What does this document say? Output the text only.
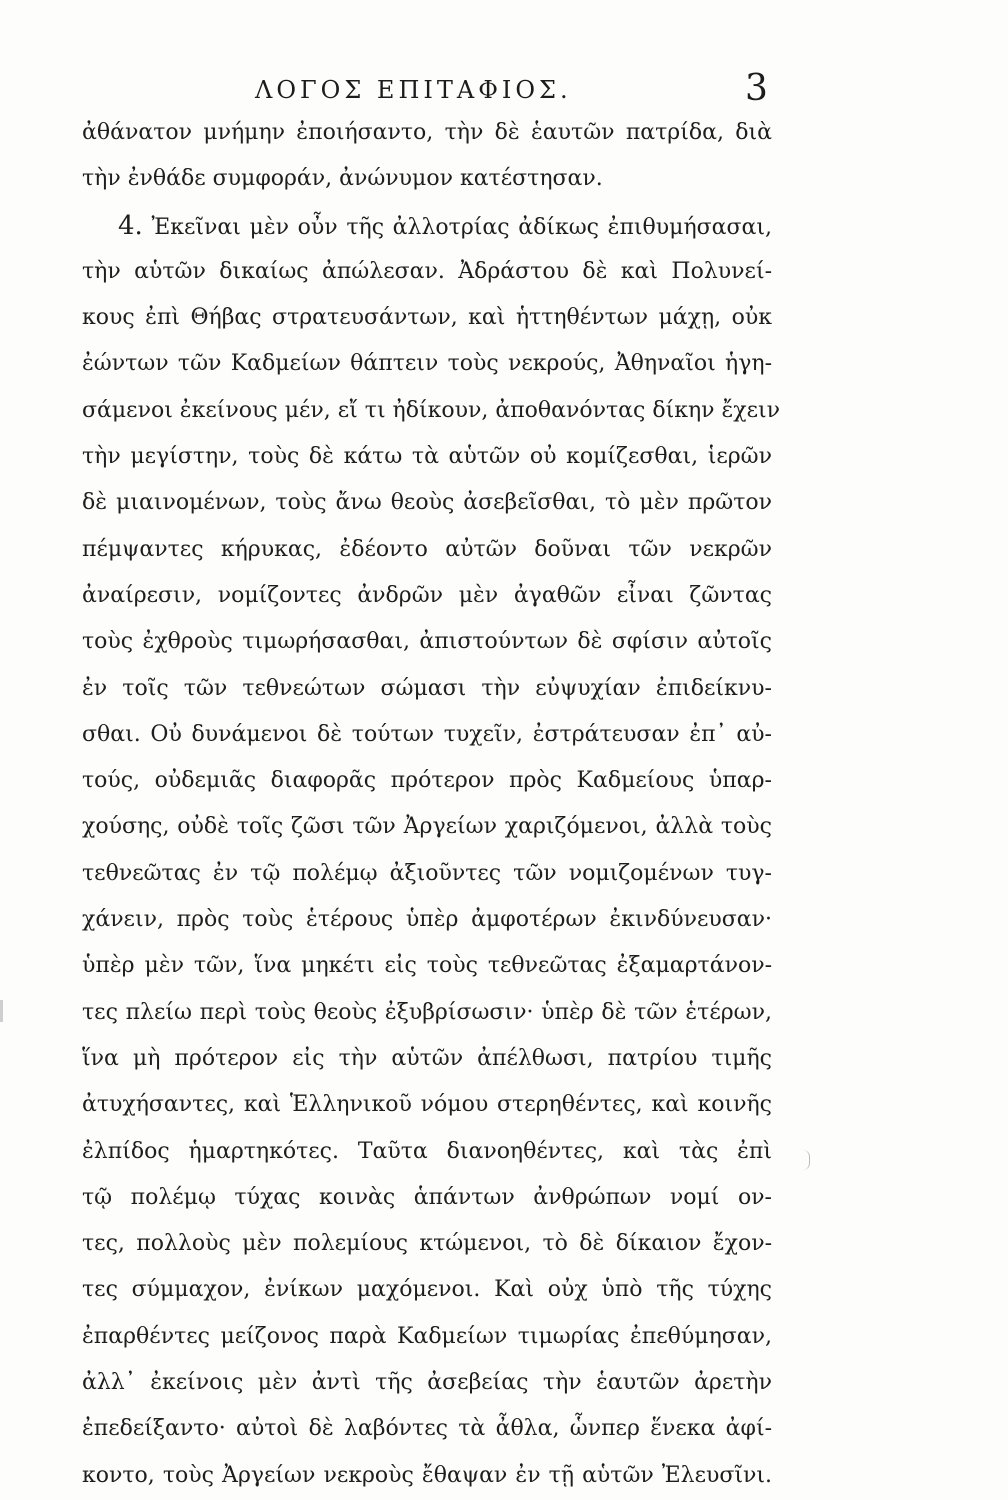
ΛΟΓΟΣ ΕΠΙΤΑΦΙΟΣ.	3
ἀθάνατον μνήμην ἐποιήσαντο, τὴν δὲ ἑαυτῶν πατρίδα, διὰ
τὴν ἐνθάδε συμφοράν, ἀνώνυμον κατέστησαν.
4. Ἐκεῖναι μὲν οὖν τῆς ἀλλοτρίας ἀδίκως ἐπιθυμήσασαι,
τὴν αὑτῶν δικαίως ἀπώλεσαν. Ἀδράστου δὲ καὶ Πολυνεί-
κους ἐπὶ Θήβας στρατευσάντων, καὶ ἡττηθέντων μάχῃ, οὐκ
ἐώντων τῶν Καδμείων θάπτειν τοὺς νεκρούς, Ἀθηναῖοι ἡγη-
σάμενοι ἐκείνους μέν, εἴ τι ἠδίκουν, ἀποθανόντας δίκην ἔχειν
τὴν μεγίστην, τοὺς δὲ κάτω τὰ αὑτῶν οὐ κομίζεσθαι, ἱερῶν
δὲ μιαινομένων, τοὺς ἄνω θεοὺς ἀσεβεῖσθαι, τὸ μὲν πρῶτον
πέμψαντες κήρυκας, ἐδέοντο αὐτῶν δοῦναι τῶν νεκρῶν
ἀναίρεσιν, νομίζοντες ἀνδρῶν μὲν ἀγαθῶν εἶναι ζῶντας
τοὺς ἐχθροὺς τιμωρήσασθαι, ἀπιστούντων δὲ σφίσιν αὐτοῖς
ἐν τοῖς τῶν τεθνεώτων σώμασι τὴν εὐψυχίαν ἐπιδείκνυ-
σθαι. Οὐ δυνάμενοι δὲ τούτων τυχεῖν, ἐστράτευσαν ἐπ᾽ αὐ-
τούς, οὐδεμιᾶς διαφορᾶς πρότερον πρὸς Καδμείους ὑπαρ-
χούσης, οὐδὲ τοῖς ζῶσι τῶν Ἀργείων χαριζόμενοι, ἀλλὰ τοὺς
τεθνεῶτας ἐν τῷ πολέμῳ ἀξιοῦντες τῶν νομιζομένων τυγ-
χάνειν, πρὸς τοὺς ἑτέρους ὑπὲρ ἀμφοτέρων ἐκινδύνευσαν·
ὑπὲρ μὲν τῶν, ἵνα μηκέτι εἰς τοὺς τεθνεῶτας ἐξαμαρτάνον-
τες πλείω περὶ τοὺς θεοὺς ἐξυβρίσωσιν· ὑπὲρ δὲ τῶν ἑτέρων,
ἵνα μὴ πρότερον εἰς τὴν αὑτῶν ἀπέλθωσι, πατρίου τιμῆς
ἀτυχήσαντες, καὶ Ἑλληνικοῦ νόμου στερηθέντες, καὶ κοινῆς
ἐλπίδος ἡμαρτηκότες. Ταῦτα διανοηθέντες, καὶ τὰς ἐπὶ
τῷ πολέμῳ τύχας κοινὰς ἁπάντων ἀνθρώπων νομί ον-
τες, πολλοὺς μὲν πολεμίους κτώμενοι, τὸ δὲ δίκαιον ἔχον-
τες σύμμαχον, ἐνίκων μαχόμενοι. Καὶ οὐχ ὑπὸ τῆς τύχης
ἐπαρθέντες μείζονος παρὰ Καδμείων τιμωρίας ἐπεθύμησαν,
ἀλλ᾽ ἐκείνοις μὲν ἀντὶ τῆς ἀσεβείας τὴν ἑαυτῶν ἀρετὴν
ἐπεδείξαντο· αὐτοὶ δὲ λαβόντες τὰ ἆθλα, ὧνπερ ἕνεκα ἀφί-
κοντο, τοὺς Ἀργείων νεκροὺς ἔθαψαν ἐν τῇ αὑτῶν Ἐλευσῖνι.
